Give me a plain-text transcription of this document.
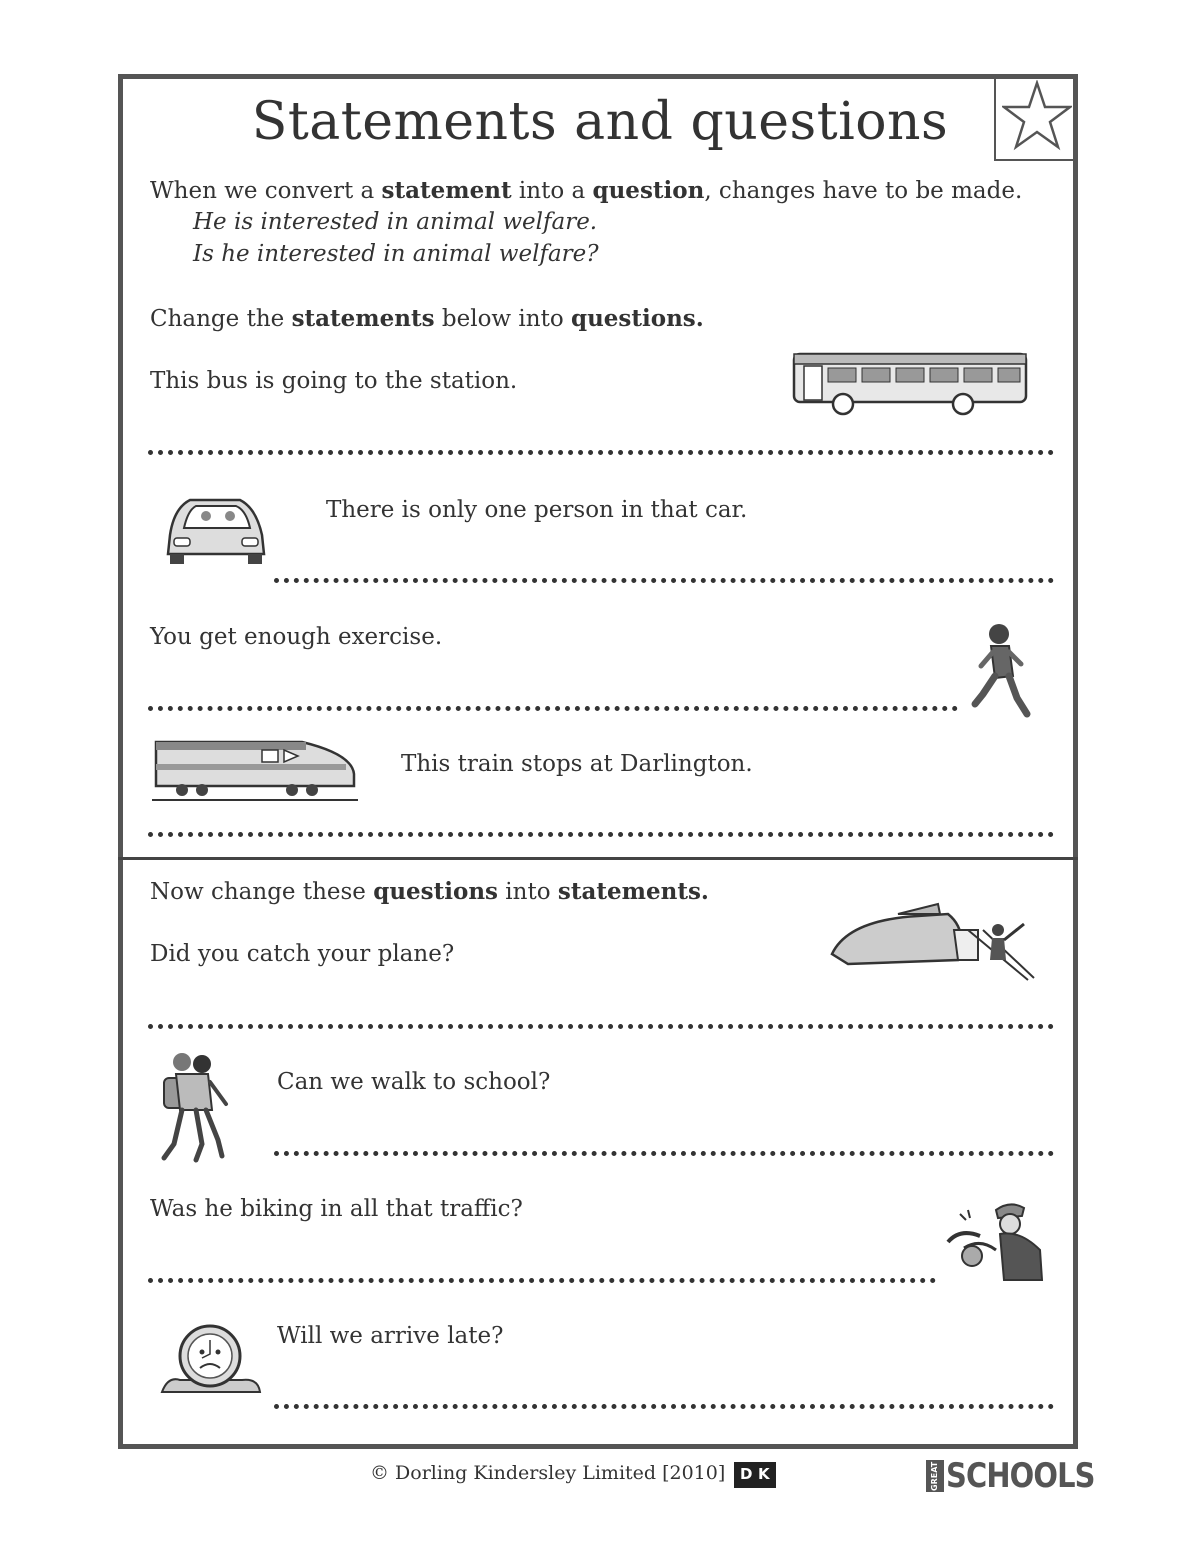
Statements and questions
When we convert a statement into a question, changes have to be made.
He is interested in animal welfare.
Is he interested in animal welfare?
Change the statements below into questions.
This bus is going to the station.
There is only one person in that car.
You get enough exercise.
This train stops at Darlington.
Now change these questions into statements.
Did you catch your plane?
Can we walk to school?
Was he biking in all that traffic?
Will we arrive late?
© Dorling Kindersley Limited [2010] D K	GREAT SCHOOLS
